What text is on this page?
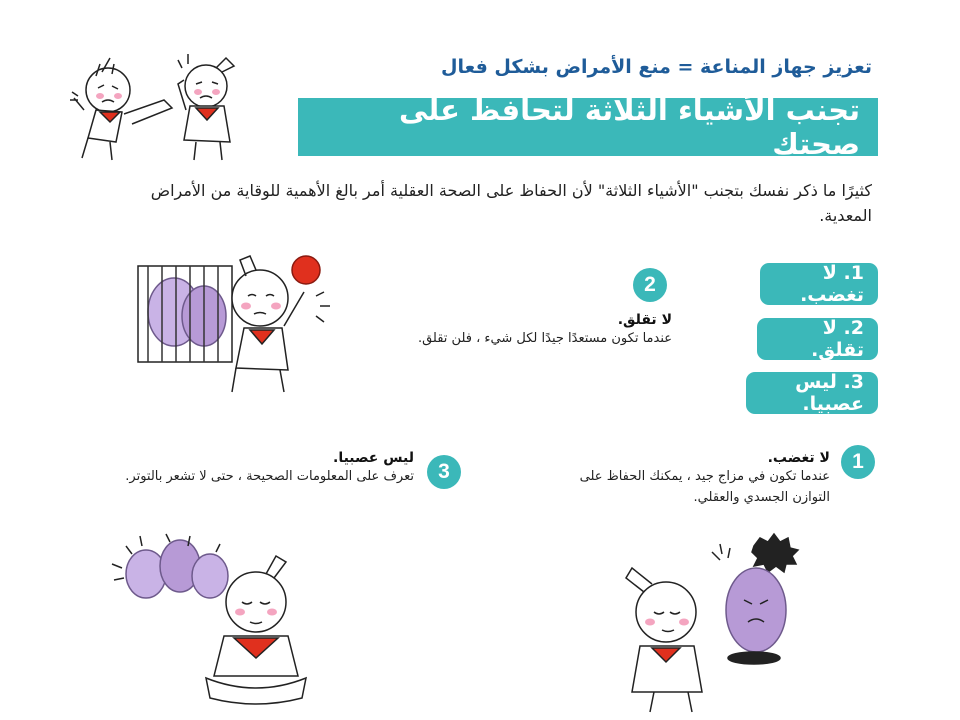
تعزيز جهاز المناعة = منع الأمراض بشكل فعال
تجنب الأشياء الثلاثة لتحافظ على صحتك
كثيرًا ما ذكر نفسك بتجنب "الأشياء الثلاثة" لأن الحفاظ على الصحة العقلية أمر بالغ الأهمية للوقاية من الأمراض المعدية.
1. لا تغضب.
2. لا تقلق.
3. ليس عصبيا.
2
لا تقلق.
عندما تكون مستعدًا جيدًا لكل شيء ، فلن تقلق.
1
لا تغضب.
عندما تكون في مزاج جيد ، يمكنك الحفاظ على التوازن الجسدي والعقلي.
3
ليس عصبيا.
تعرف على المعلومات الصحيحة ، حتى لا تشعر بالتوتر.
